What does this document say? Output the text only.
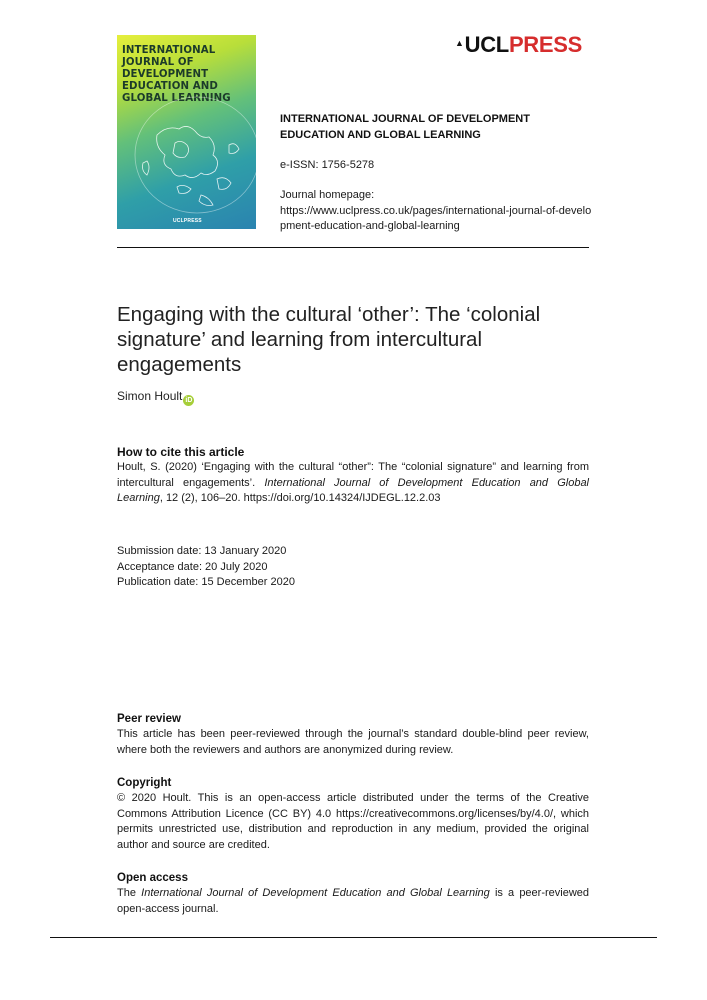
INTERNATIONAL
JOURNAL OF
DEVELOPMENT
EDUCATION AND
GLOBAL LEARNING
UCLPRESS
▲UCLPRESS
INTERNATIONAL JOURNAL OF DEVELOPMENT EDUCATION AND GLOBAL LEARNING
e-ISSN: 1756-5278
Journal homepage:
https://www.uclpress.co.uk/pages/international-journal-of-development-education-and-global-learning
Engaging with the cultural ‘other’: The ‘colonial signature’ and learning from intercultural engagements
Simon Hoult iD

How to cite this article

Hoult, S. (2020) ‘Engaging with the cultural “other”: The “colonial signature” and learning from intercultural engagements’. International Journal of Development Education and Global Learning, 12 (2), 106–20. https://doi.org/10.14324/IJDEGL.12.2.03

Submission date: 13 January 2020
Acceptance date: 20 July 2020
Publication date: 15 December 2020

Peer review

This article has been peer-reviewed through the journal’s standard double-blind peer review, where both the reviewers and authors are anonymized during review.

Copyright

© 2020 Hoult. This is an open-access article distributed under the terms of the Creative Commons Attribution Licence (CC BY) 4.0 https://creativecommons.org/licenses/by/4.0/, which permits unrestricted use, distribution and reproduction in any medium, provided the original author and source are credited.

Open access

The International Journal of Development Education and Global Learning is a peer-reviewed open-access journal.
